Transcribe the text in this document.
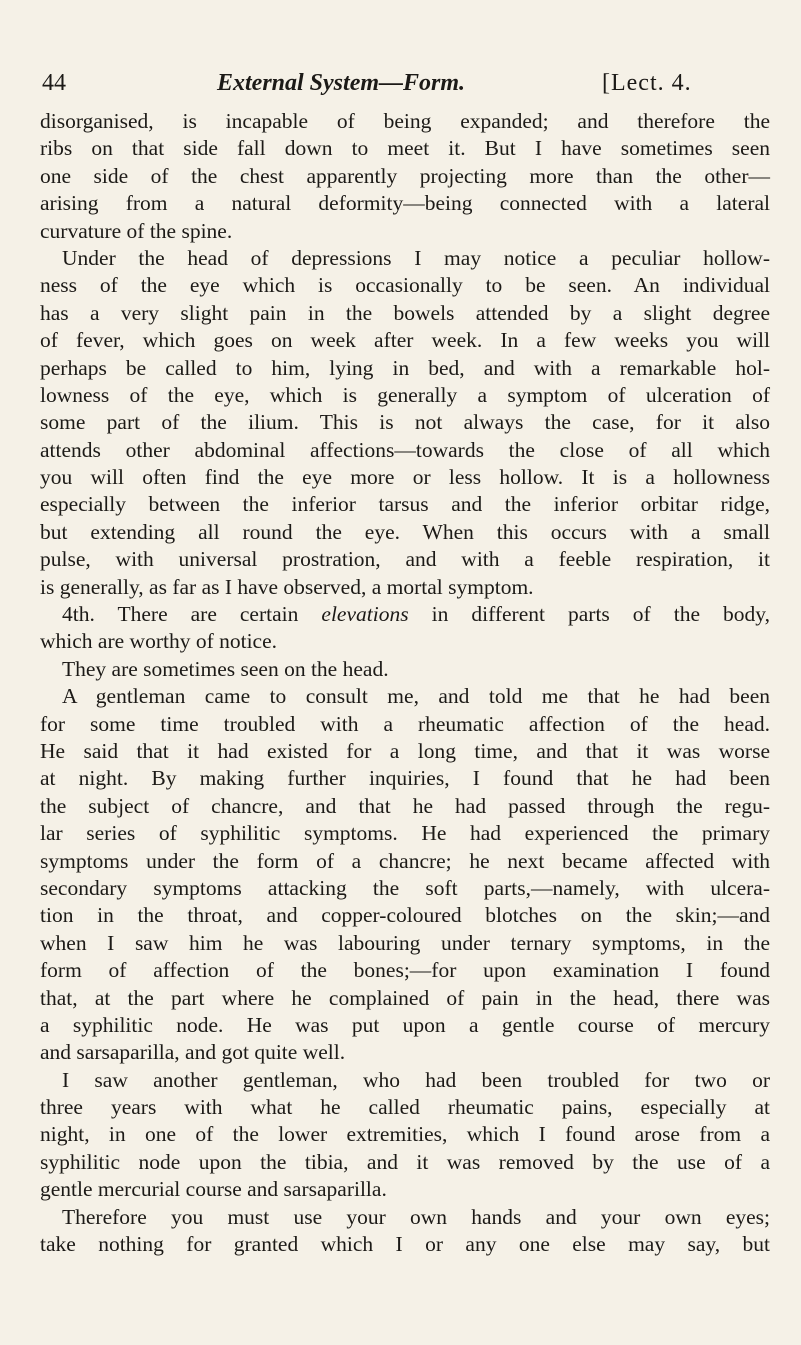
44	External System—Form.	[Lect. 4.
disorganised, is incapable of being expanded; and therefore the
ribs on that side fall down to meet it. But I have sometimes seen
one side of the chest apparently projecting more than the other—
arising from a natural deformity—being connected with a lateral
curvature of the spine.
Under the head of depressions I may notice a peculiar hollow-
ness of the eye which is occasionally to be seen. An individual
has a very slight pain in the bowels attended by a slight degree
of fever, which goes on week after week. In a few weeks you will
perhaps be called to him, lying in bed, and with a remarkable hol-
lowness of the eye, which is generally a symptom of ulceration of
some part of the ilium. This is not always the case, for it also
attends other abdominal affections—towards the close of all which
you will often find the eye more or less hollow. It is a hollowness
especially between the inferior tarsus and the inferior orbitar ridge,
but extending all round the eye. When this occurs with a small
pulse, with universal prostration, and with a feeble respiration, it
is generally, as far as I have observed, a mortal symptom.
4th. There are certain elevations in different parts of the body,
which are worthy of notice.
They are sometimes seen on the head.
A gentleman came to consult me, and told me that he had been
for some time troubled with a rheumatic affection of the head.
He said that it had existed for a long time, and that it was worse
at night. By making further inquiries, I found that he had been
the subject of chancre, and that he had passed through the regu-
lar series of syphilitic symptoms. He had experienced the primary
symptoms under the form of a chancre; he next became affected with
secondary symptoms attacking the soft parts,—namely, with ulcera-
tion in the throat, and copper-coloured blotches on the skin;—and
when I saw him he was labouring under ternary symptoms, in the
form of affection of the bones;—for upon examination I found
that, at the part where he complained of pain in the head, there was
a syphilitic node. He was put upon a gentle course of mercury
and sarsaparilla, and got quite well.
I saw another gentleman, who had been troubled for two or
three years with what he called rheumatic pains, especially at
night, in one of the lower extremities, which I found arose from a
syphilitic node upon the tibia, and it was removed by the use of a
gentle mercurial course and sarsaparilla.
Therefore you must use your own hands and your own eyes;
take nothing for granted which I or any one else may say, but
